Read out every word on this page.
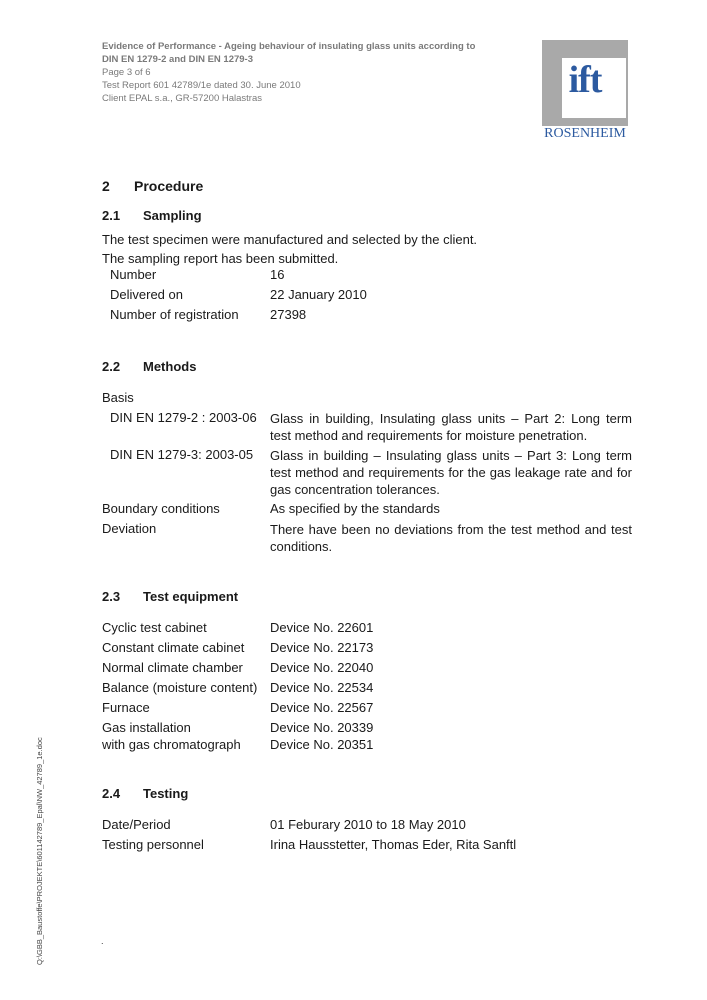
Evidence of Performance - Ageing behaviour of insulating glass units according to
DIN EN 1279-2 and DIN EN 1279-3
Page 3 of 6
Test Report 601 42789/1e dated 30. June 2010
Client EPAL s.a., GR-57200 Halastras	ift
ROSENHEIM
2 Procedure
2.1 Sampling
The test specimen were manufactured and selected by the client.
The sampling report has been submitted.
Number	16
Delivered on	22 January 2010
Number of registration 27398
2.2 Methods
Basis
DIN EN 1279-2 : 2003-06 Glass in building, Insulating glass units – Part 2: Long term test method and requirements for moisture penetration.
DIN EN 1279-3: 2003-05 Glass in building – Insulating glass units – Part 3: Long term test method and requirements for the gas leakage rate and for gas concentration tolerances.
Boundary conditions	As specified by the standards
Deviation	There have been no deviations from the test method and test conditions.
2.3 Test equipment
Cyclic test cabinet	Device No. 22601
Constant climate cabinet Device No. 22173
Normal climate chamber Device No. 22040
Balance (moisture content) Device No. 22534
Furnace	Device No. 22567
Gas installation	Device No. 20339
with gas chromatograph Device No. 20351
2.4 Testing
Date/Period	01 Feburary 2010 to 18 May 2010
Testing personnel	Irina Hausstetter, Thomas Eder, Rita Sanftl
.
Q:\GBB_Baustoffe\PROJEKTE\601142789_Epal\NW_42789_1e.doc
